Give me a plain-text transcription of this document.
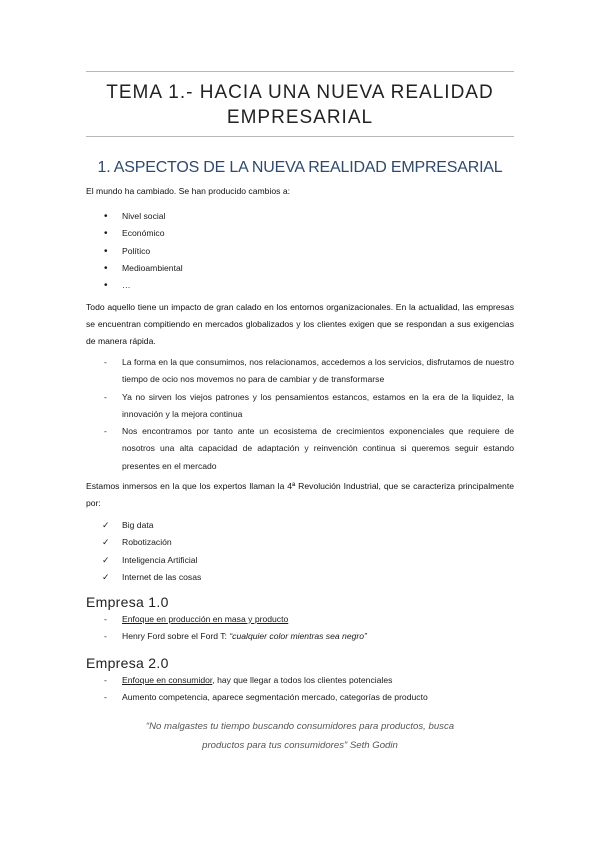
TEMA 1.- HACIA UNA NUEVA REALIDAD
EMPRESARIAL
1. ASPECTOS DE LA NUEVA REALIDAD EMPRESARIAL
El mundo ha cambiado. Se han producido cambios a:
• Nivel social
• Económico
• Político
• Medioambiental
• …
Todo aquello tiene un impacto de gran calado en los entornos organizacionales. En la actualidad, las empresas se encuentran compitiendo en mercados globalizados y los clientes exigen que se respondan a sus exigencias de manera rápida.
- La forma en la que consumimos, nos relacionamos, accedemos a los servicios, disfrutamos de nuestro tiempo de ocio nos movemos no para de cambiar y de transformarse
- Ya no sirven los viejos patrones y los pensamientos estancos, estamos en la era de la liquidez, la innovación y la mejora continua
- Nos encontramos por tanto ante un ecosistema de crecimientos exponenciales que requiere de nosotros una alta capacidad de adaptación y reinvención continua si queremos seguir estando presentes en el mercado
Estamos inmersos en la que los expertos llaman la 4ª Revolución Industrial, que se caracteriza principalmente por:
✓ Big data
✓ Robotización
✓ Inteligencia Artificial
✓ Internet de las cosas
Empresa 1.0
- Enfoque en producción en masa y producto
- Henry Ford sobre el Ford T: “cualquier color mientras sea negro”
Empresa 2.0
- Enfoque en consumidor, hay que llegar a todos los clientes potenciales
- Aumento competencia, aparece segmentación mercado, categorías de producto
“No malgastes tu tiempo buscando consumidores para productos, busca
productos para tus consumidores” Seth Godin
